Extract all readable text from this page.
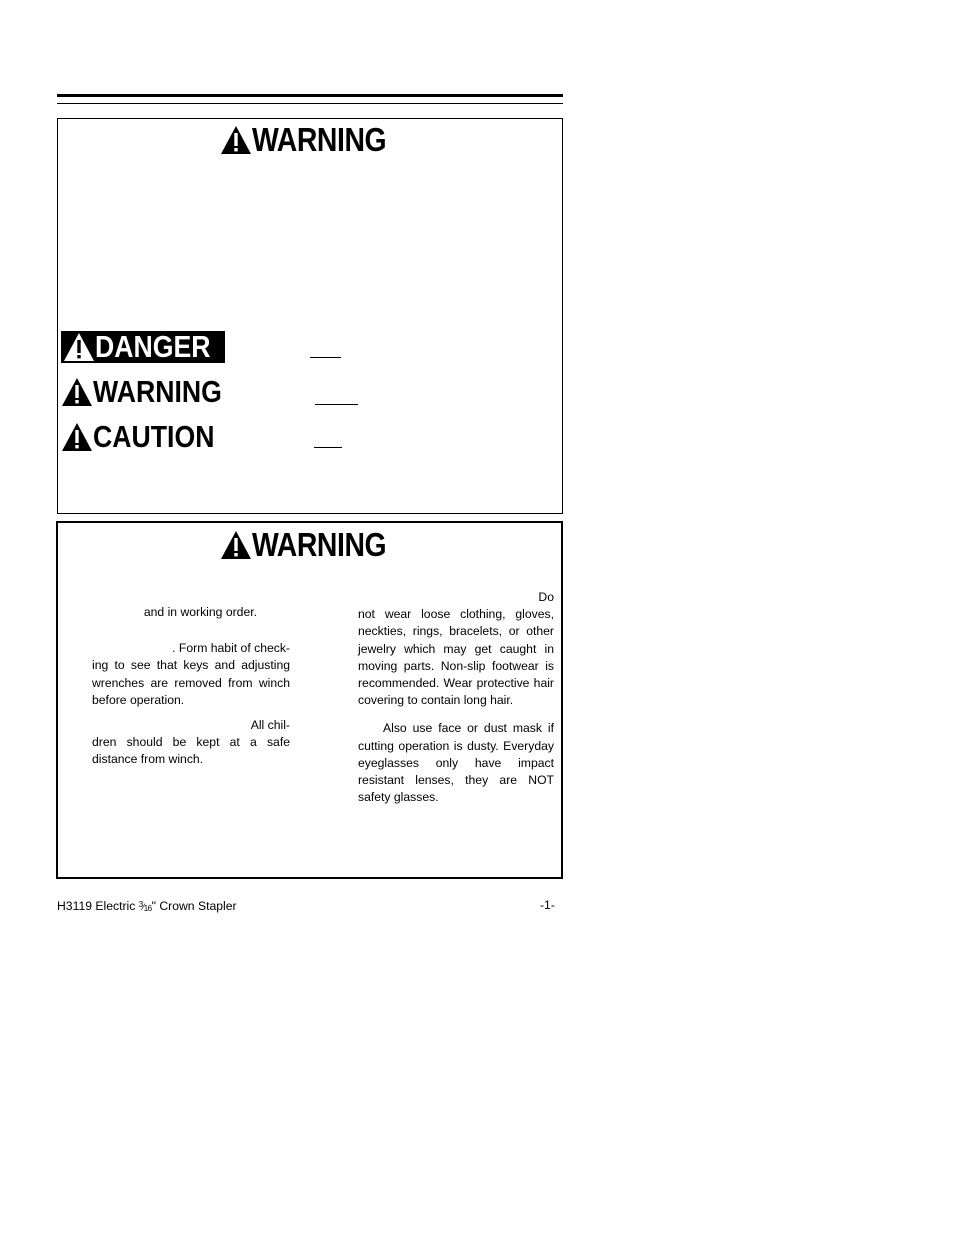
WARNING
DANGER
WARNING
CAUTION
WARNING

and in working order.

. Form habit of check-

ing to see that keys and adjusting wrenches are removed from winch before operation.

All chil-

dren should be kept at a safe distance from winch.

Do

not wear loose clothing, gloves, neckties, rings, bracelets, or other jewelry which may get caught in moving parts. Non-slip footwear is recommended. Wear protective hair covering to contain long hair.

Also use face or dust mask if cutting operation is dusty. Everyday eyeglasses only have impact resistant lenses, they are NOT safety glasses.

H3119 Electric $^3$⁄16" Crown Stapler	-1-
